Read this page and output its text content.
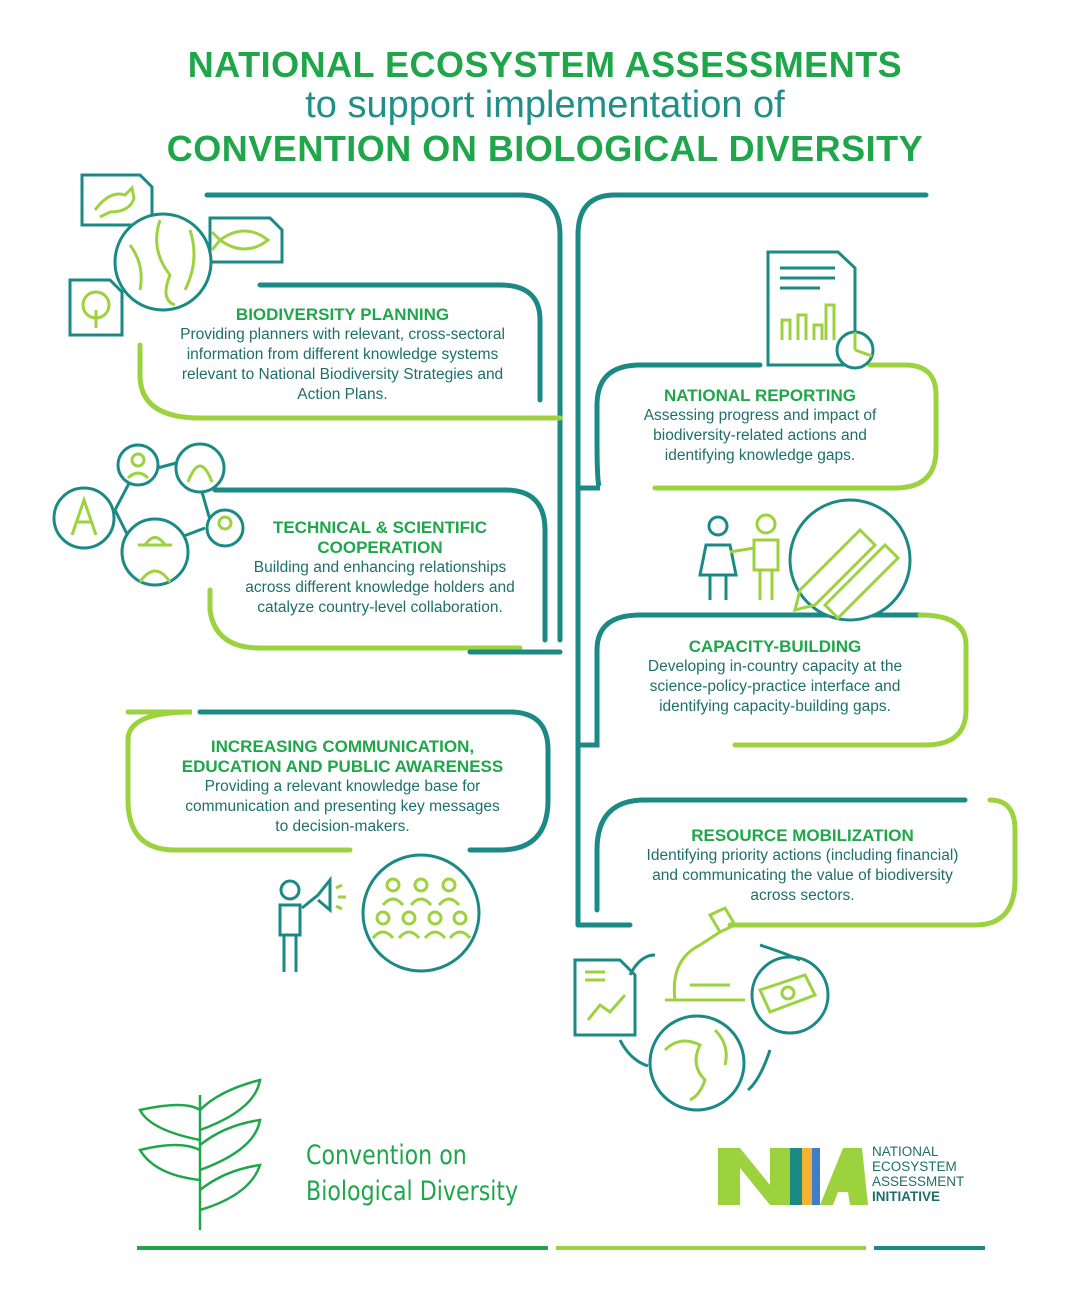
NATIONAL ECOSYSTEM ASSESSMENTS
to support implementation of
CONVENTION ON BIOLOGICAL DIVERSITY
BIODIVERSITY PLANNING
Providing planners with relevant, cross-sectoral
information from different knowledge systems
relevant to National Biodiversity Strategies and
Action Plans.	NATIONAL REPORTING
Assessing progress and impact of
biodiversity-related actions and
identifying knowledge gaps.
TECHNICAL & SCIENTIFIC
COOPERATION
Building and enhancing relationships
across different knowledge holders and
catalyze country-level collaboration.
CAPACITY-BUILDING
Developing in-country capacity at the
science-policy-practice interface and
identifying capacity-building gaps.
INCREASING COMMUNICATION,
EDUCATION AND PUBLIC AWARENESS
Providing a relevant knowledge base for
communication and presenting key messages
to decision-makers.	RESOURCE MOBILIZATION
Identifying priority actions (including financial)
and communicating the value of biodiversity
across sectors.
Convention on
Biological Diversity
NATIONAL
ECOSYSTEM
ASSESSMENT
INITIATIVE
